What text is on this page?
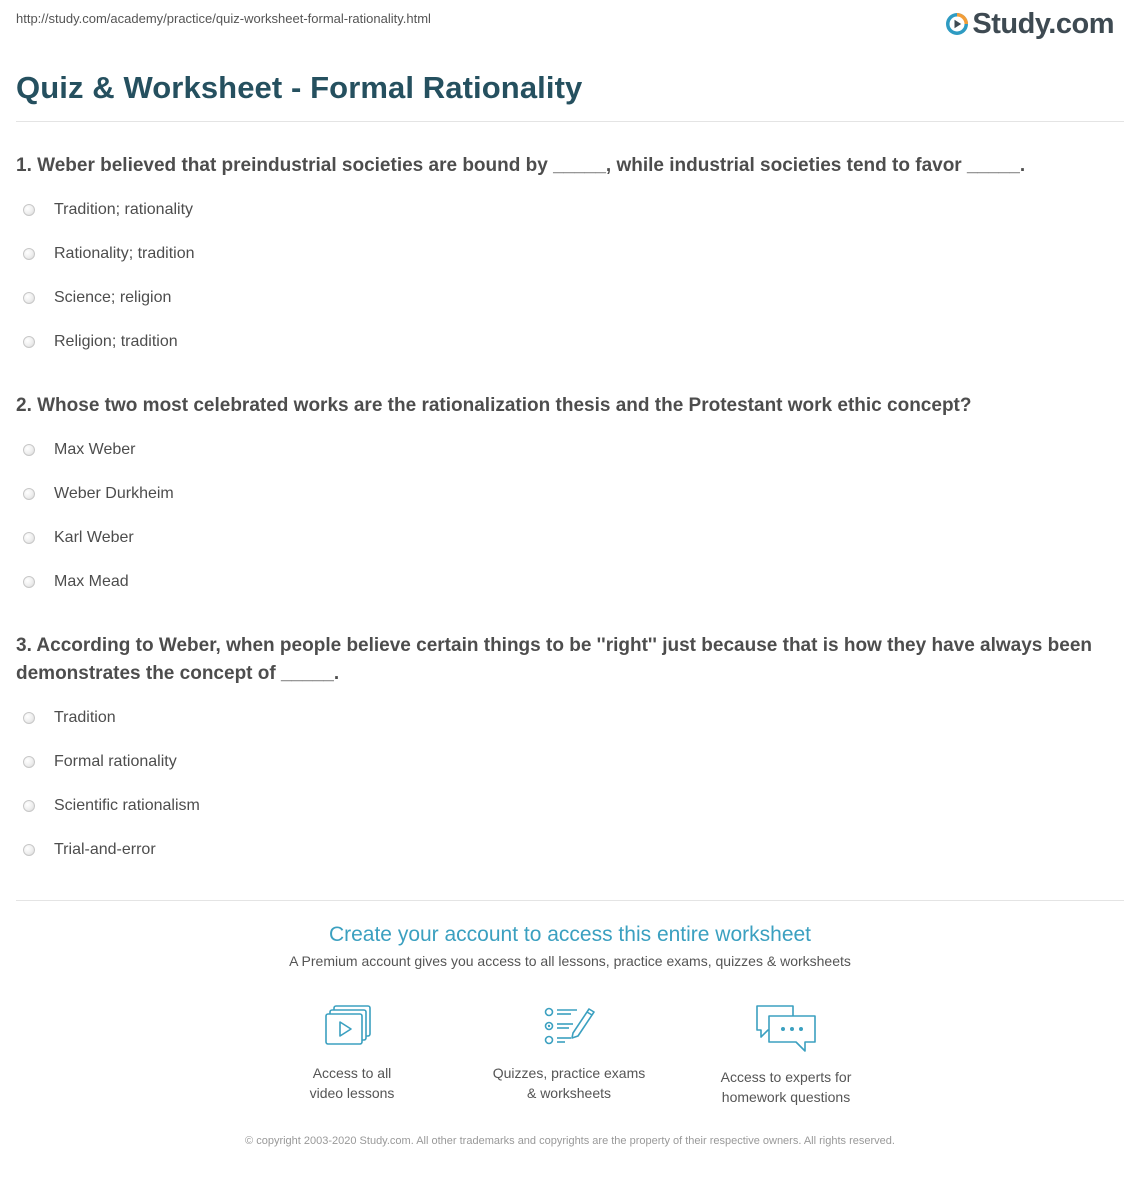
http://study.com/academy/practice/quiz-worksheet-formal-rationality.html	Study.com
Quiz & Worksheet - Formal Rationality

1. Weber believed that preindustrial societies are bound by _____, while industrial societies tend to favor _____.

Tradition; rationality
Rationality; tradition
Science; religion
Religion; tradition

2. Whose two most celebrated works are the rationalization thesis and the Protestant work ethic concept?

Max Weber
Weber Durkheim
Karl Weber
Max Mead

3. According to Weber, when people believe certain things to be ''right'' just because that is how they have always been demonstrates the concept of _____.

Tradition
Formal rationality
Scientific rationalism
Trial-and-error
Create your account to access this entire worksheet
A Premium account gives you access to all lessons, practice exams, quizzes & worksheets
Access to all
video lessons
Quizzes, practice exams
& worksheets
Access to experts for
homework questions
© copyright 2003-2020 Study.com. All other trademarks and copyrights are the property of their respective owners. All rights reserved.
